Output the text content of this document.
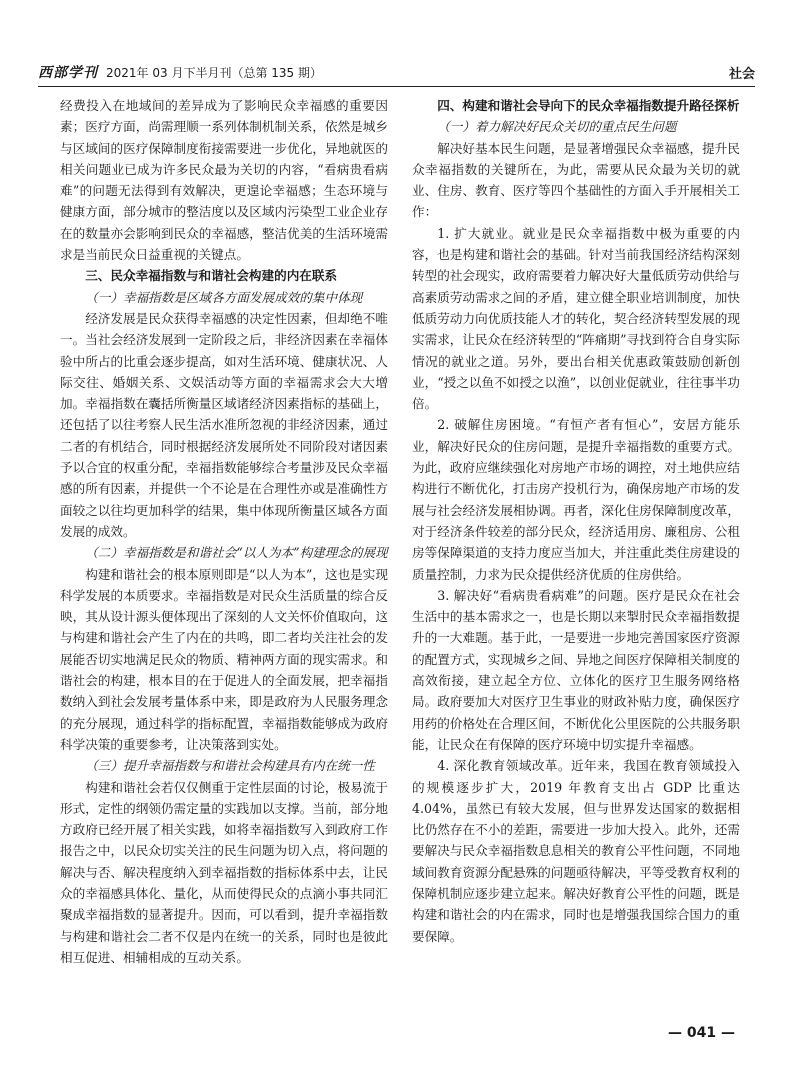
西部学刊 2021年 03 月下半月刊（总第 135 期）	社会

经费投入在地域间的差异成为了影响民众幸福感的重要因素；医疗方面，尚需理顺一系列体制机制关系，依然是城乡与区域间的医疗保障制度衔接需要进一步优化，异地就医的相关问题业已成为许多民众最为关切的内容，“看病贵看病难”的问题无法得到有效解决，更遑论幸福感；生态环境与健康方面，部分城市的整洁度以及区域内污染型工业企业存在的数量亦会影响到民众的幸福感，整洁优美的生活环境需求是当前民众日益重视的关键点。

三、民众幸福指数与和谐社会构建的内在联系

（一）幸福指数是区域各方面发展成效的集中体现

经济发展是民众获得幸福感的决定性因素，但却绝不唯一。当社会经济发展到一定阶段之后，非经济因素在幸福体验中所占的比重会逐步提高，如对生活环境、健康状况、人际交往、婚姻关系、文娱活动等方面的幸福需求会大大增加。幸福指数在囊括所衡量区域诸经济因素指标的基础上，还包括了以往考察人民生活水准所忽视的非经济因素，通过二者的有机结合，同时根据经济发展所处不同阶段对诸因素予以合宜的权重分配，幸福指数能够综合考量涉及民众幸福感的所有因素，并提供一个不论是在合理性亦或是准确性方面较之以往均更加科学的结果，集中体现所衡量区域各方面发展的成效。

（二）幸福指数是和谐社会“以人为本”构建理念的展现

构建和谐社会的根本原则即是“以人为本”，这也是实现科学发展的本质要求。幸福指数是对民众生活质量的综合反映，其从设计源头便体现出了深刻的人文关怀价值取向，这与构建和谐社会产生了内在的共鸣，即二者均关注社会的发展能否切实地满足民众的物质、精神两方面的现实需求。和谐社会的构建，根本目的在于促进人的全面发展，把幸福指数纳入到社会发展考量体系中来，即是政府为人民服务理念的充分展现，通过科学的指标配置，幸福指数能够成为政府科学决策的重要参考，让决策落到实处。

（三）提升幸福指数与和谐社会构建具有内在统一性

构建和谐社会若仅仅侧重于定性层面的讨论，极易流于形式，定性的纲领仍需定量的实践加以支撑。当前，部分地方政府已经开展了相关实践，如将幸福指数写入到政府工作报告之中，以民众切实关注的民生问题为切入点，将问题的解决与否、解决程度纳入到幸福指数的指标体系中去，让民众的幸福感具体化、量化，从而使得民众的点滴小事共同汇聚成幸福指数的显著提升。因而，可以看到，提升幸福指数与构建和谐社会二者不仅是内在统一的关系，同时也是彼此相互促进、相辅相成的互动关系。

四、构建和谐社会导向下的民众幸福指数提升路径探析

（一）着力解决好民众关切的重点民生问题

解决好基本民生问题，是显著增强民众幸福感，提升民众幸福指数的关键所在，为此，需要从民众最为关切的就业、住房、教育、医疗等四个基础性的方面入手开展相关工作：

1. 扩大就业。就业是民众幸福指数中极为重要的内容，也是构建和谐社会的基础。针对当前我国经济结构深刻转型的社会现实，政府需要着力解决好大量低质劳动供给与高素质劳动需求之间的矛盾，建立健全职业培训制度，加快低质劳动力向优质技能人才的转化，契合经济转型发展的现实需求，让民众在经济转型的“阵痛期”寻找到符合自身实际情况的就业之道。另外，要出台相关优惠政策鼓励创新创业，“授之以鱼不如授之以渔”，以创业促就业，往往事半功倍。

2. 破解住房困境。“有恒产者有恒心”，安居方能乐业，解决好民众的住房问题，是提升幸福指数的重要方式。为此，政府应继续强化对房地产市场的调控，对土地供应结构进行不断优化，打击房产投机行为，确保房地产市场的发展与社会经济发展相协调。再者，深化住房保障制度改革，对于经济条件较差的部分民众，经济适用房、廉租房、公租房等保障渠道的支持力度应当加大，并注重此类住房建设的质量控制，力求为民众提供经济优质的住房供给。

3. 解决好“看病贵看病难”的问题。医疗是民众在社会生活中的基本需求之一，也是长期以来掣肘民众幸福指数提升的一大难题。基于此，一是要进一步地完善国家医疗资源的配置方式，实现城乡之间、异地之间医疗保障相关制度的高效衔接，建立起全方位、立体化的医疗卫生服务网络格局。政府要加大对医疗卫生事业的财政补贴力度，确保医疗用药的价格处在合理区间，不断优化公里医院的公共服务职能，让民众在有保障的医疗环境中切实提升幸福感。

4. 深化教育领域改革。近年来，我国在教育领域投入的规模逐步扩大，2019 年教育支出占 GDP 比重达 4.04%，虽然已有较大发展，但与世界发达国家的数据相比仍然存在不小的差距，需要进一步加大投入。此外，还需要解决与民众幸福指数息息相关的教育公平性问题，不同地域间教育资源分配悬殊的问题亟待解决，平等受教育权利的保障机制应逐步建立起来。解决好教育公平性的问题，既是构建和谐社会的内在需求，同时也是增强我国综合国力的重要保障。

— 041 —
